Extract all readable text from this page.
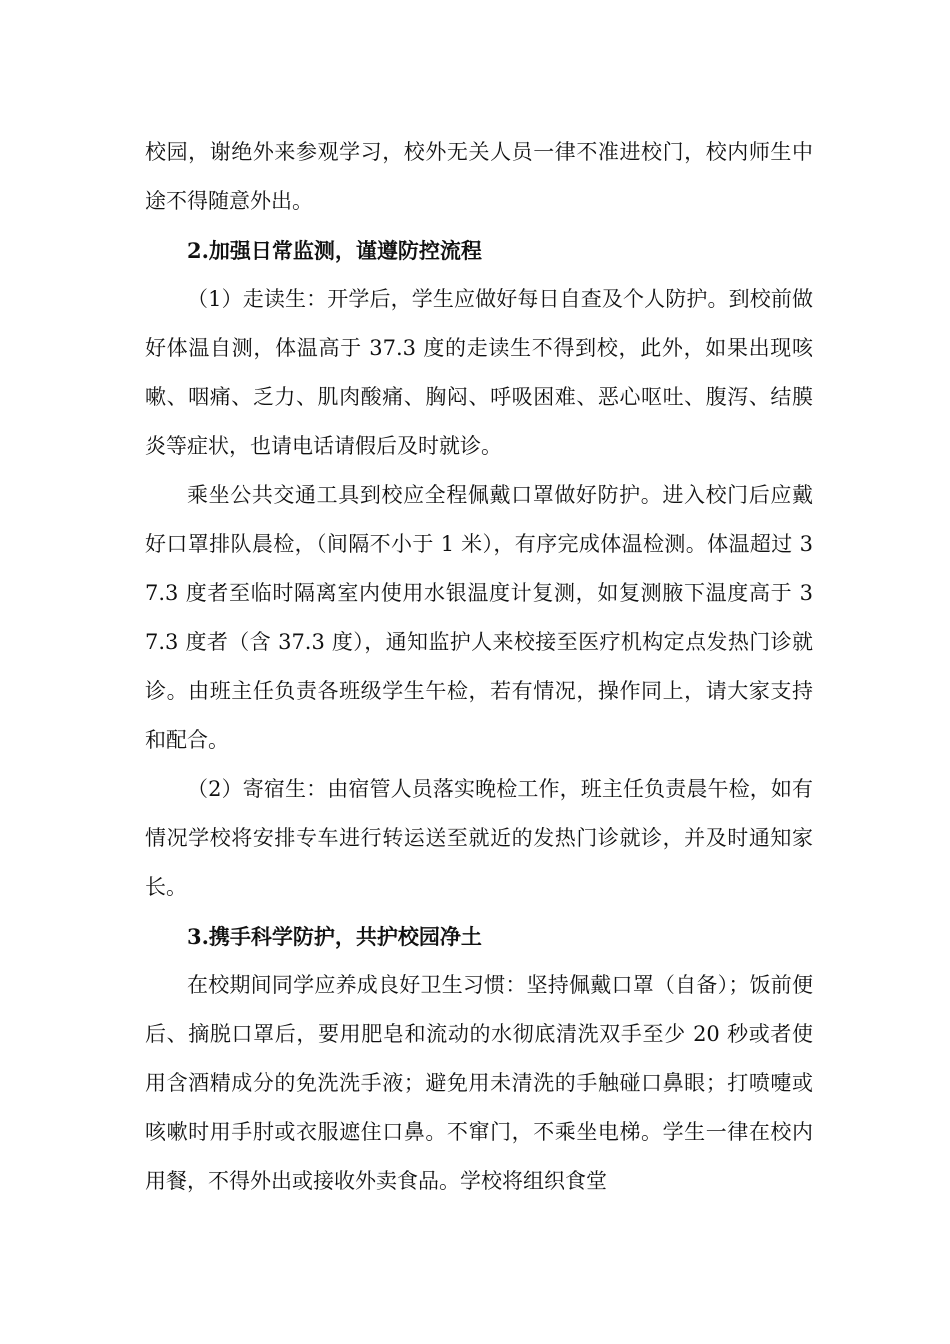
校园，谢绝外来参观学习，校外无关人员一律不准进校门，校内师生中途不得随意外出。

2.加强日常监测，谨遵防控流程

（1）走读生：开学后，学生应做好每日自查及个人防护。到校前做好体温自测，体温高于 37.3 度的走读生不得到校，此外，如果出现咳嗽、咽痛、乏力、肌肉酸痛、胸闷、呼吸困难、恶心呕吐、腹泻、结膜炎等症状，也请电话请假后及时就诊。

乘坐公共交通工具到校应全程佩戴口罩做好防护。进入校门后应戴好口罩排队晨检，（间隔不小于 1 米），有序完成体温检测。体温超过 37.3 度者至临时隔离室内使用水银温度计复测，如复测腋下温度高于 37.3 度者（含 37.3 度），通知监护人来校接至医疗机构定点发热门诊就诊。由班主任负责各班级学生午检，若有情况，操作同上，请大家支持和配合。

（2）寄宿生：由宿管人员落实晚检工作，班主任负责晨午检，如有情况学校将安排专车进行转运送至就近的发热门诊就诊，并及时通知家长。

3.携手科学防护，共护校园净土

在校期间同学应养成良好卫生习惯：坚持佩戴口罩（自备）；饭前便后、摘脱口罩后，要用肥皂和流动的水彻底清洗双手至少 20 秒或者使用含酒精成分的免洗洗手液；避免用未清洗的手触碰口鼻眼；打喷嚏或咳嗽时用手肘或衣服遮住口鼻。不窜门，不乘坐电梯。学生一律在校内用餐，不得外出或接收外卖食品。学校将组织食堂
